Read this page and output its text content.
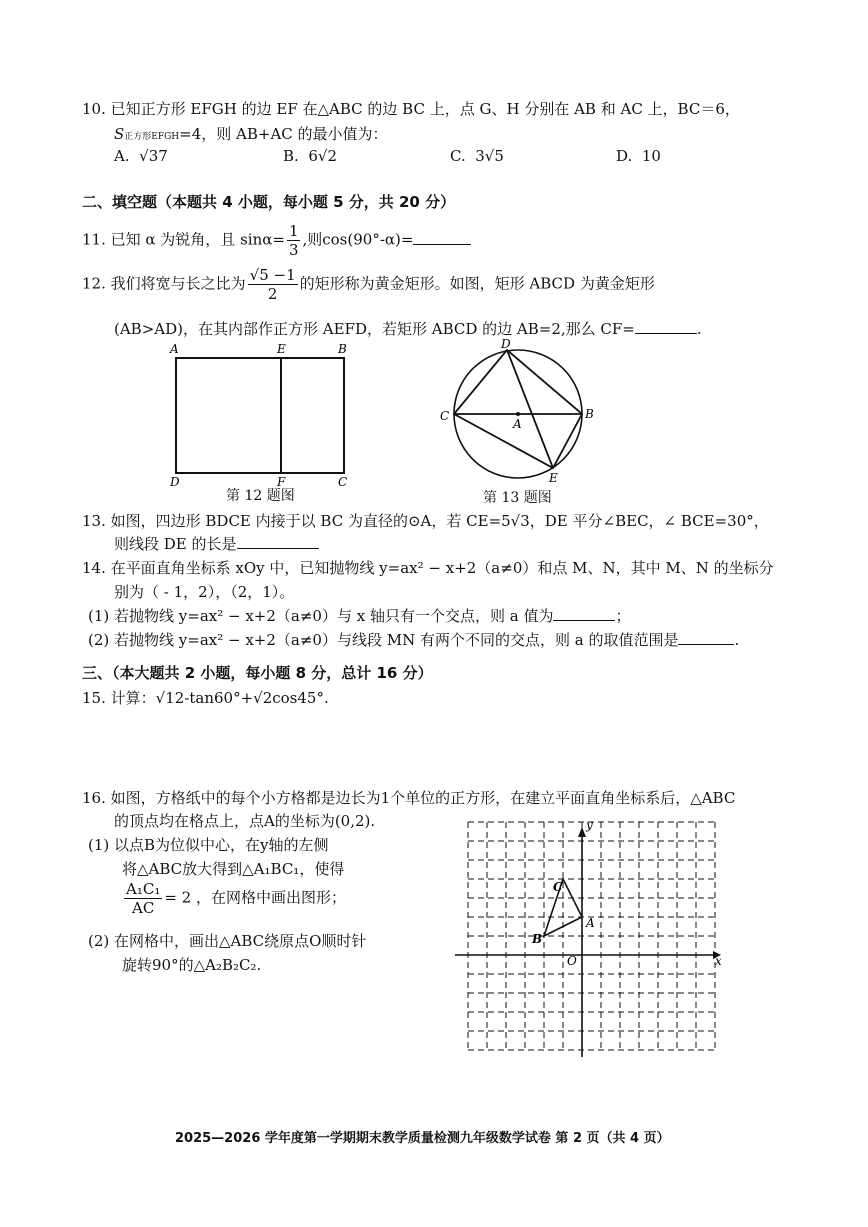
10. 已知正方形 EFGH 的边 EF 在△ABC 的边 BC 上，点 G、H 分别在 AB 和 AC 上，BC＝6，
S正方形EFGH=4，则 AB+AC 的最小值为：
A. √37	B. 6√2	C. 3√5	D. 10
二、填空题（本题共 4 小题，每小题 5 分，共 20 分）
11. 已知 α 为锐角，且 $\sin\alpha= \frac{1}{3}$ ,则cos(90°-α)=
12. 我们将宽与长之比为 $\frac{√5 -1}{2}$ 的矩形称为黄金矩形。如图，矩形 ABCD 为黄金矩形
(AB>AD)，在其内部作正方形 AEFD，若矩形 ABCD 的边 AB=2,那么 CF=	.
A	E	B
D	F	C
第 12 题图
D
C
A
B
E
第 13 题图
13. 如图，四边形 BDCE 内接于以 BC 为直径的⊙A，若 CE=5√3，DE 平分∠BEC，∠ BCE=30°，
则线段 DE 的长是
14. 在平面直角坐标系 xOy 中，已知抛物线 y=ax² − x+2（a≠0）和点 M、N，其中 M、N 的坐标分
别为（ - 1，2），（2，1）。
(1) 若抛物线 y=ax² − x+2（a≠0）与 x 轴只有一个交点，则 a 值为	；
(2) 若抛物线 y=ax² − x+2（a≠0）与线段 MN 有两个不同的交点，则 a 的取值范围是	.
三、（本大题共 2 小题，每小题 8 分，总计 16 分）
15. 计算：√12-tan60°+√2cos45°.
16. 如图，方格纸中的每个小方格都是边长为1个单位的正方形，在建立平面直角坐标系后，△ABC
的顶点均在格点上，点A的坐标为(0,2).
(1) 以点B为位似中心，在y轴的左侧
将△ABC放大得到△A₁BC₁，使得
$\frac{\text{A₁C₁}}{AC} = 2$ ，在网格中画出图形；
(2) 在网格中，画出△ABC绕原点O顺时针
旋转90°的△A₂B₂C₂.
y
x
O
A
B
C
2025—2026 学年度第一学期期末教学质量检测九年级数学试卷 第 2 页（共 4 页）
